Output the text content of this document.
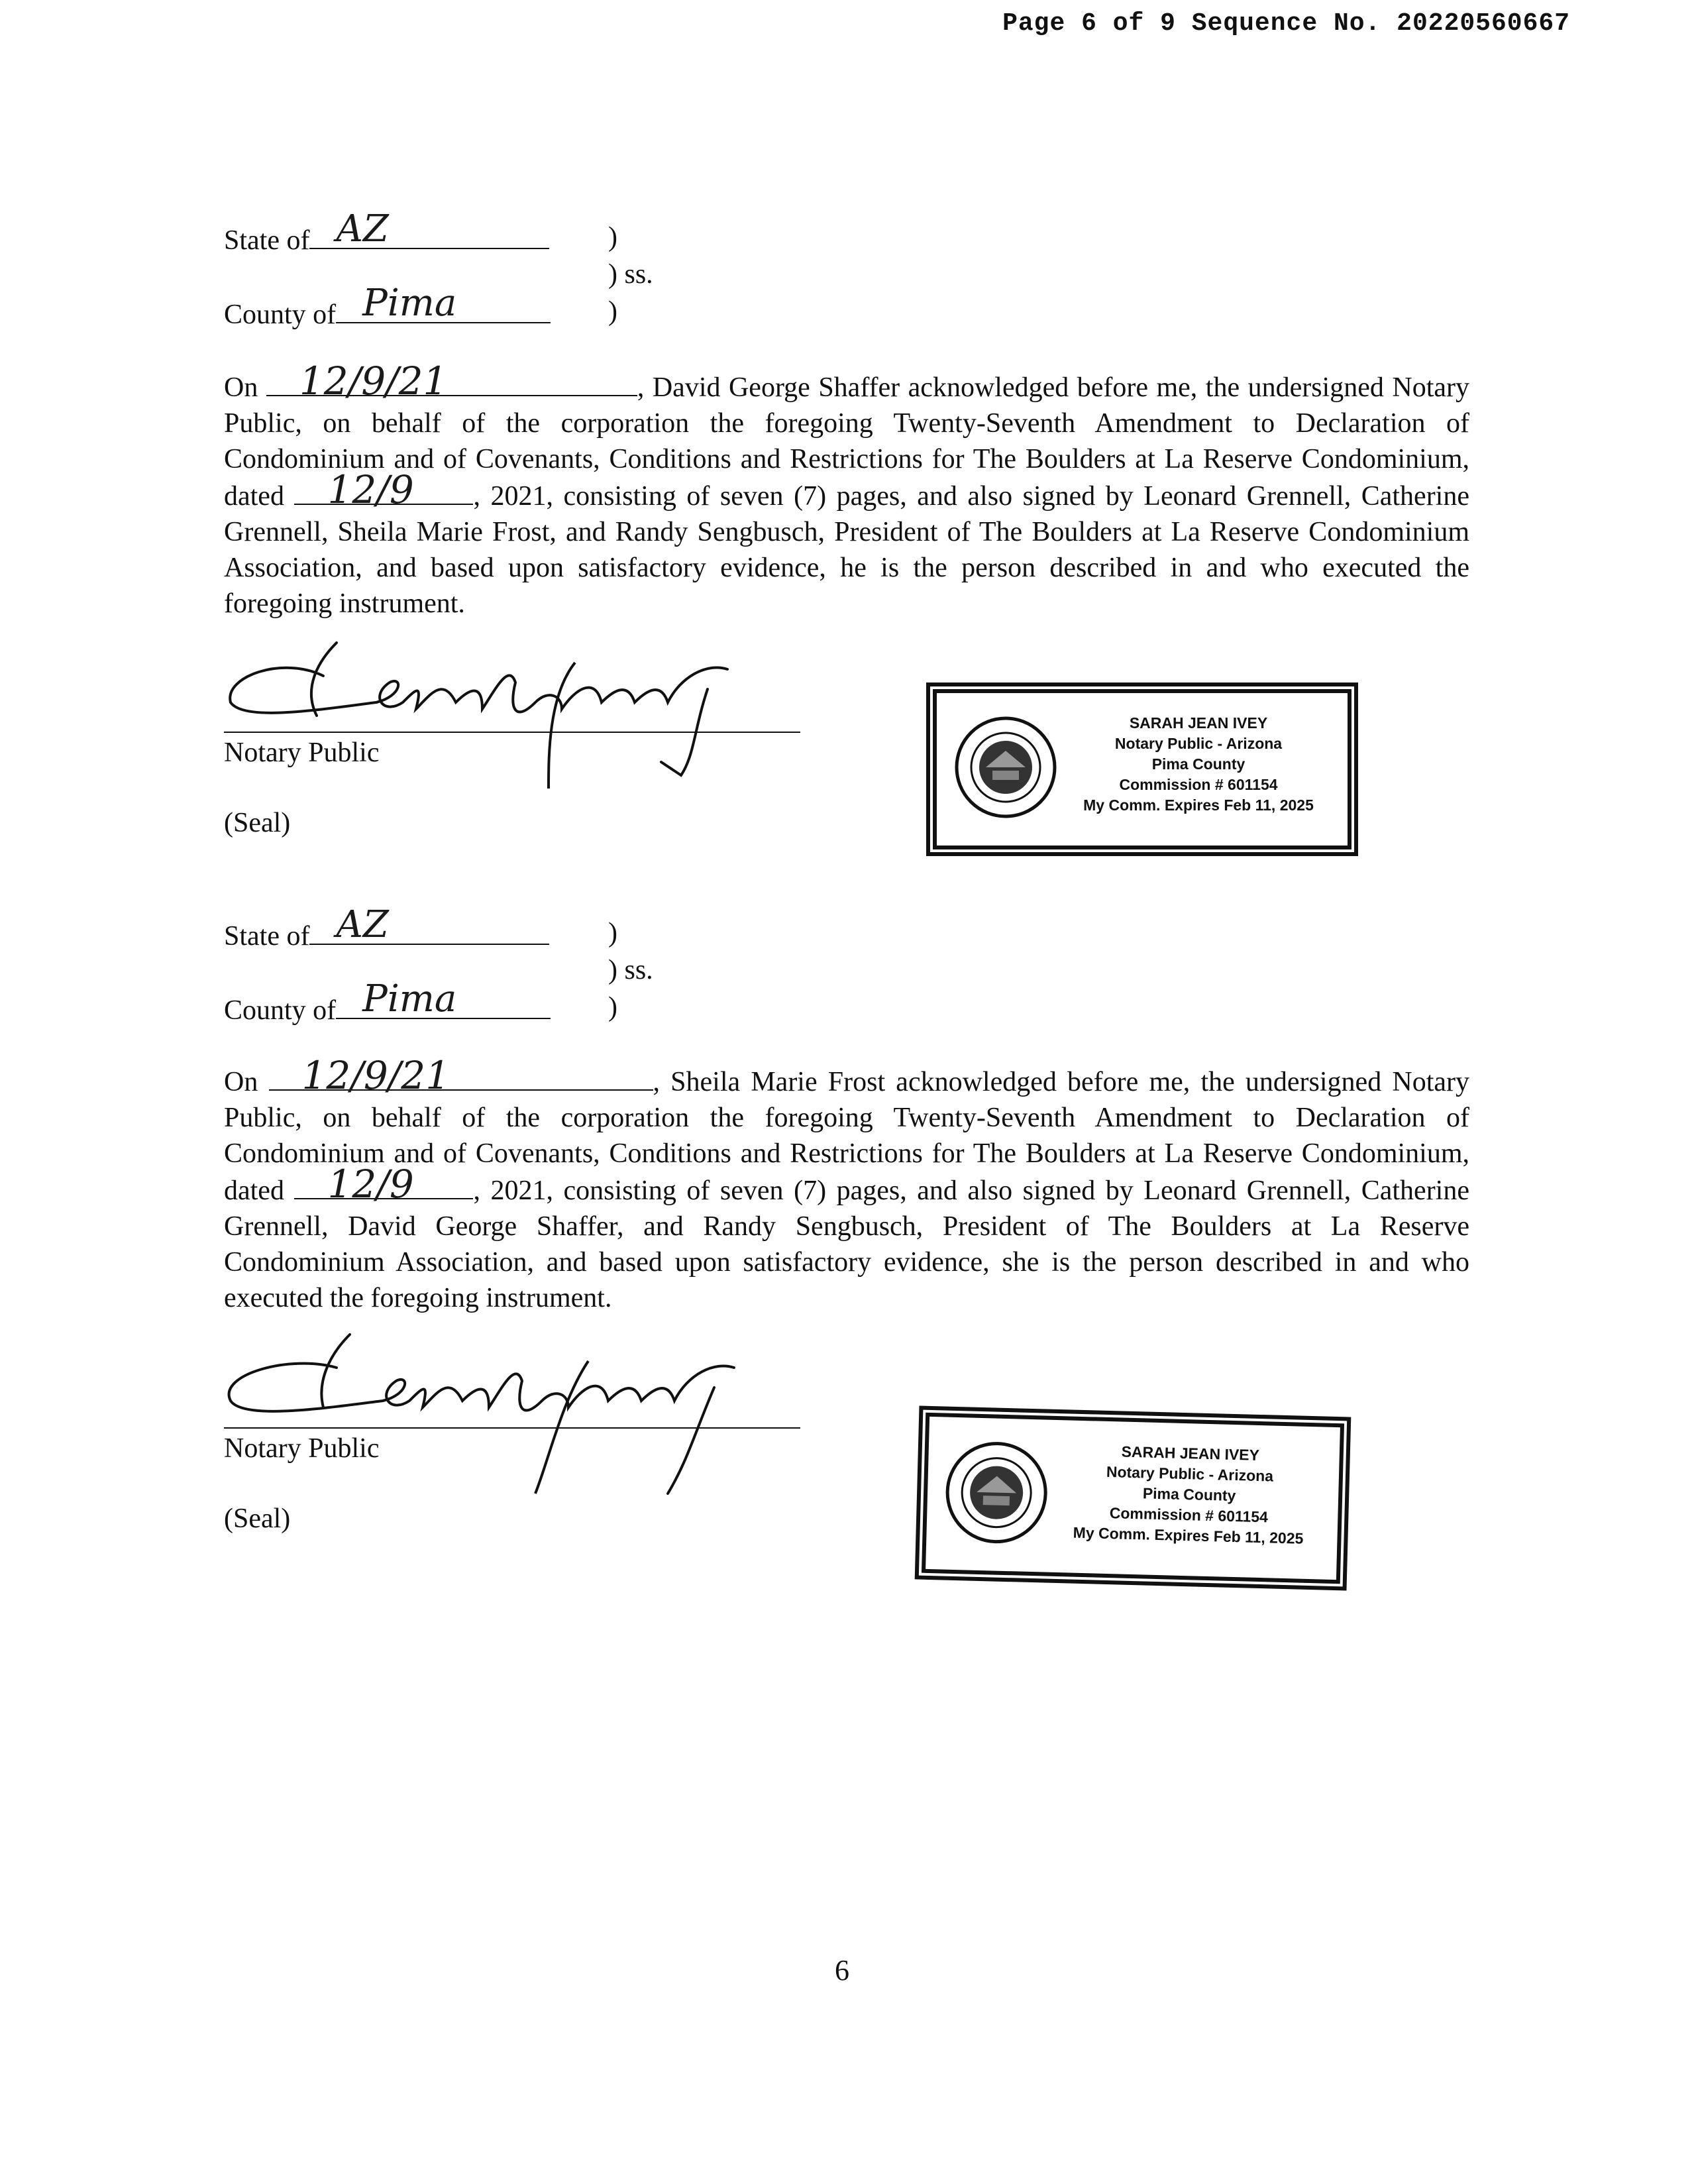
Page 6 of 9 Sequence No. 20220560667
State of AZ	)
) ss.
County of Pima	)
On 12/9/21	, David George Shaffer acknowledged before me, the undersigned Notary Public, on behalf of the corporation the foregoing Twenty-Seventh Amendment to Declaration of Condominium and of Covenants, Conditions and Restrictions for The Boulders at La Reserve Condominium, dated 12/9 , 2021, consisting of seven (7) pages, and also signed by Leonard Grennell, Catherine Grennell, Sheila Marie Frost, and Randy Sengbusch, President of The Boulders at La Reserve Condominium Association, and based upon satisfactory evidence, he is the person described in and who executed the foregoing instrument.
Notary Public
(Seal)
SARAH JEAN IVEY
Notary Public - Arizona
Pima County
Commission # 601154
My Comm. Expires Feb 11, 2025
State of AZ	)
) ss.
County of Pima	)
On 12/9/21	, Sheila Marie Frost acknowledged before me, the undersigned Notary Public, on behalf of the corporation the foregoing Twenty-Seventh Amendment to Declaration of Condominium and of Covenants, Conditions and Restrictions for The Boulders at La Reserve Condominium, dated 12/9 , 2021, consisting of seven (7) pages, and also signed by Leonard Grennell, Catherine Grennell, David George Shaffer, and Randy Sengbusch, President of The Boulders at La Reserve Condominium Association, and based upon satisfactory evidence, she is the person described in and who executed the foregoing instrument.
Notary Public
(Seal)
SARAH JEAN IVEY
Notary Public - Arizona
Pima County
Commission # 601154
My Comm. Expires Feb 11, 2025
6
